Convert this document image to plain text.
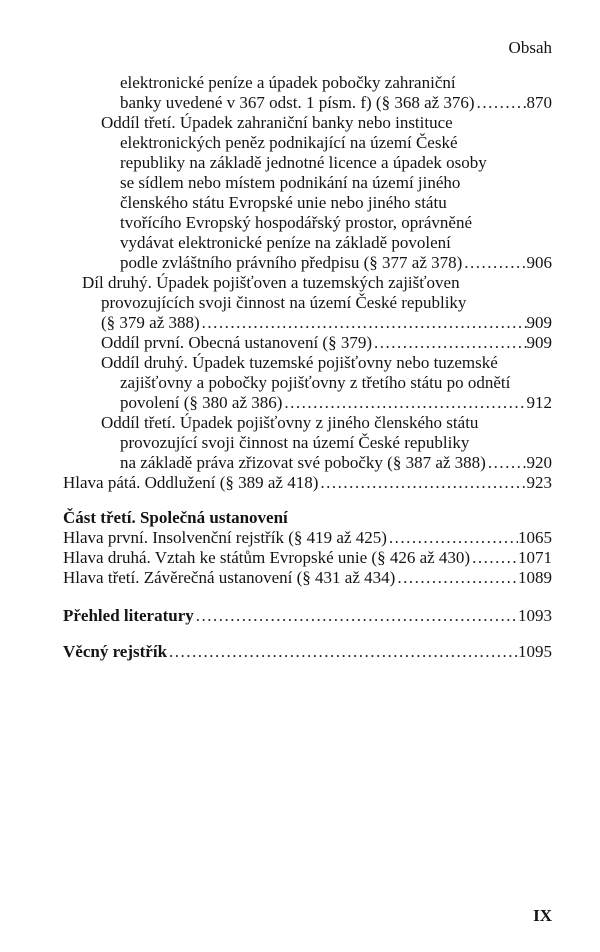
Obsah
elektronické peníze a úpadek pobočky zahraniční
banky uvedené v 367 odst. 1 písm. f) (§ 368 až 376) .....	870
Oddíl třetí. Úpadek zahraniční banky nebo instituce
elektronických peněz podnikající na území České
republiky na základě jednotné licence a úpadek osoby
se sídlem nebo místem podnikání na území jiného
členského státu Evropské unie nebo jiného státu
tvořícího Evropský hospodářský prostor, oprávněné
vydávat elektronické peníze na základě povolení
podle zvláštního právního předpisu (§ 377 až 378) .....	906
Díl druhý. Úpadek pojišťoven a tuzemských zajišťoven
provozujících svoji činnost na území České republiky
(§ 379 až 388) .....	909
Oddíl první. Obecná ustanovení (§ 379) .....	909
Oddíl druhý. Úpadek tuzemské pojišťovny nebo tuzemské
zajišťovny a pobočky pojišťovny z třetího státu po odnětí
povolení (§ 380 až 386) .....	912
Oddíl třetí. Úpadek pojišťovny z jiného členského státu
provozující svoji činnost na území České republiky
na základě práva zřizovat své pobočky (§ 387 až 388) ..... 920
Hlava pátá. Oddlužení (§ 389 až 418) .....	923
Část třetí. Společná ustanovení
Hlava první. Insolvenční rejstřík (§ 419 až 425) .....	1065
Hlava druhá. Vztah ke státům Evropské unie (§ 426 až 430) .....	1071
Hlava třetí. Závěrečná ustanovení (§ 431 až 434) .....	1089
Přehled literatury .....	1093
Věcný rejstřík .....	1095
IX
